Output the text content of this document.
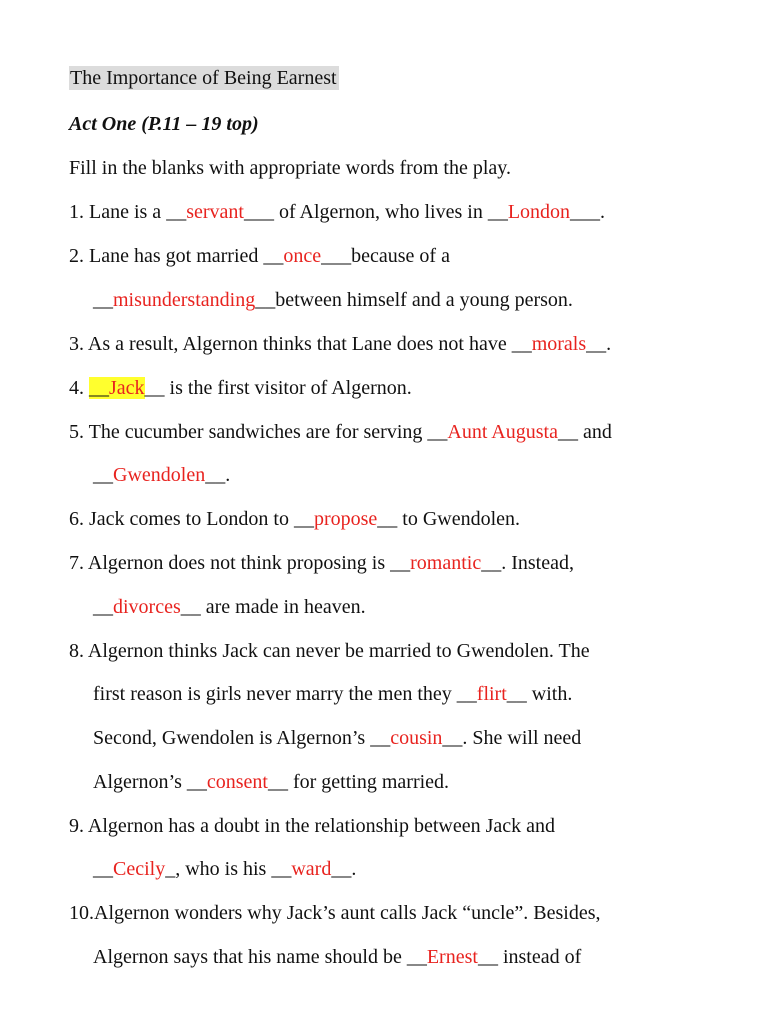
The Importance of Being Earnest
Act One (P.11 – 19 top)
Fill in the blanks with appropriate words from the play.
1. Lane is a __servant___ of Algernon, who lives in __London___.
2. Lane has got married __once___because of a
__misunderstanding__between himself and a young person.
3. As a result, Algernon thinks that Lane does not have __morals__.
4. __Jack__ is the first visitor of Algernon.
5. The cucumber sandwiches are for serving __Aunt Augusta__ and
__Gwendolen__.
6. Jack comes to London to __propose__ to Gwendolen.
7. Algernon does not think proposing is __romantic__. Instead,
__divorces__ are made in heaven.
8. Algernon thinks Jack can never be married to Gwendolen. The
first reason is girls never marry the men they __flirt__ with.
Second, Gwendolen is Algernon’s __cousin__. She will need
Algernon’s __consent__ for getting married.
9. Algernon has a doubt in the relationship between Jack and
__Cecily_, who is his __ward__.
10.Algernon wonders why Jack’s aunt calls Jack “uncle”. Besides,
Algernon says that his name should be __Ernest__ instead of
